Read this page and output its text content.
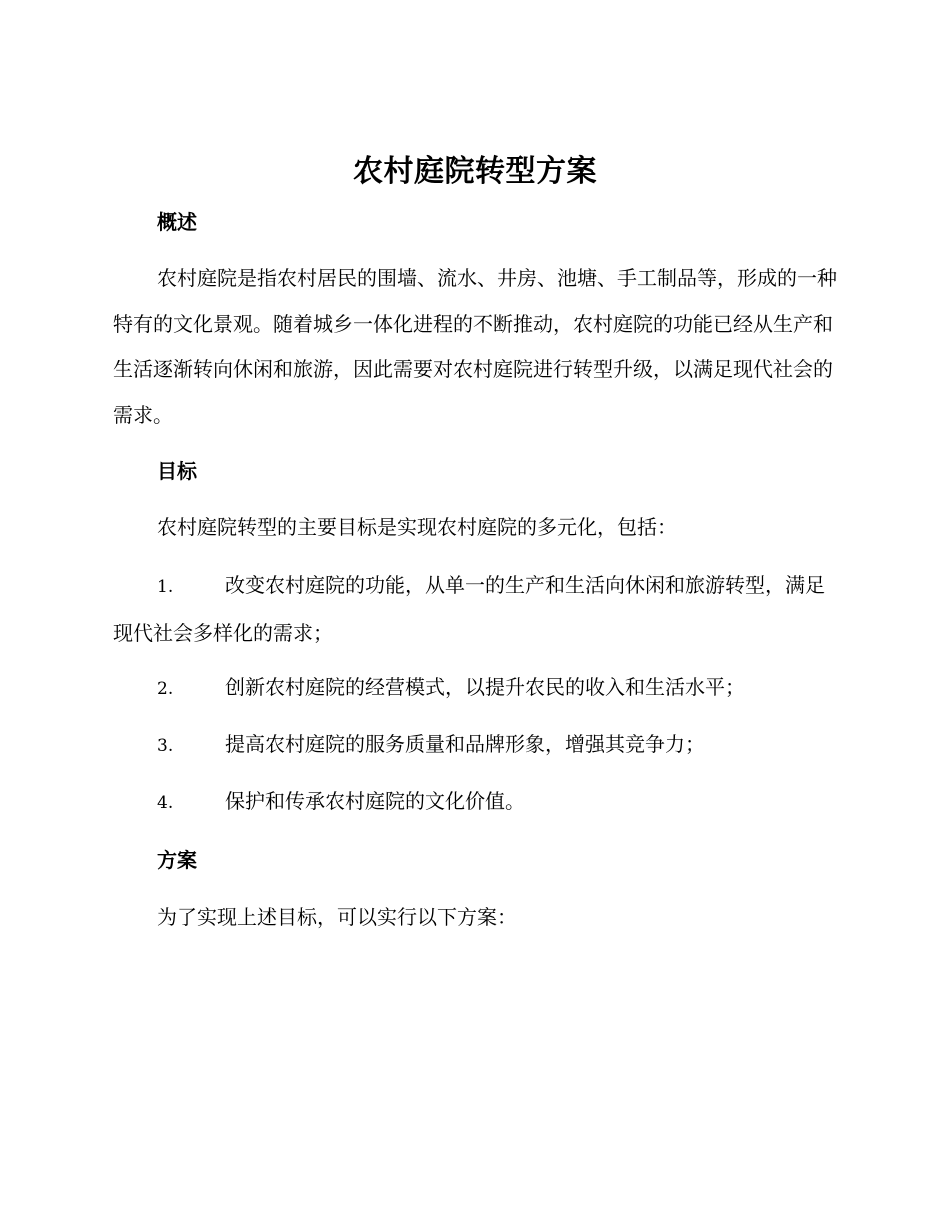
农村庭院转型方案
概述

农村庭院是指农村居民的围墙、流水、井房、池塘、手工制品等，形成的一种特有的文化景观。随着城乡一体化进程的不断推动，农村庭院的功能已经从生产和生活逐渐转向休闲和旅游，因此需要对农村庭院进行转型升级，以满足现代社会的需求。

目标

农村庭院转型的主要目标是实现农村庭院的多元化，包括：

1.	改变农村庭院的功能，从单一的生产和生活向休闲和旅游转型，满足现代社会多样化的需求；

2.	创新农村庭院的经营模式，以提升农民的收入和生活水平；

3.	提高农村庭院的服务质量和品牌形象，增强其竞争力；

4.	保护和传承农村庭院的文化价值。

方案

为了实现上述目标，可以实行以下方案：
